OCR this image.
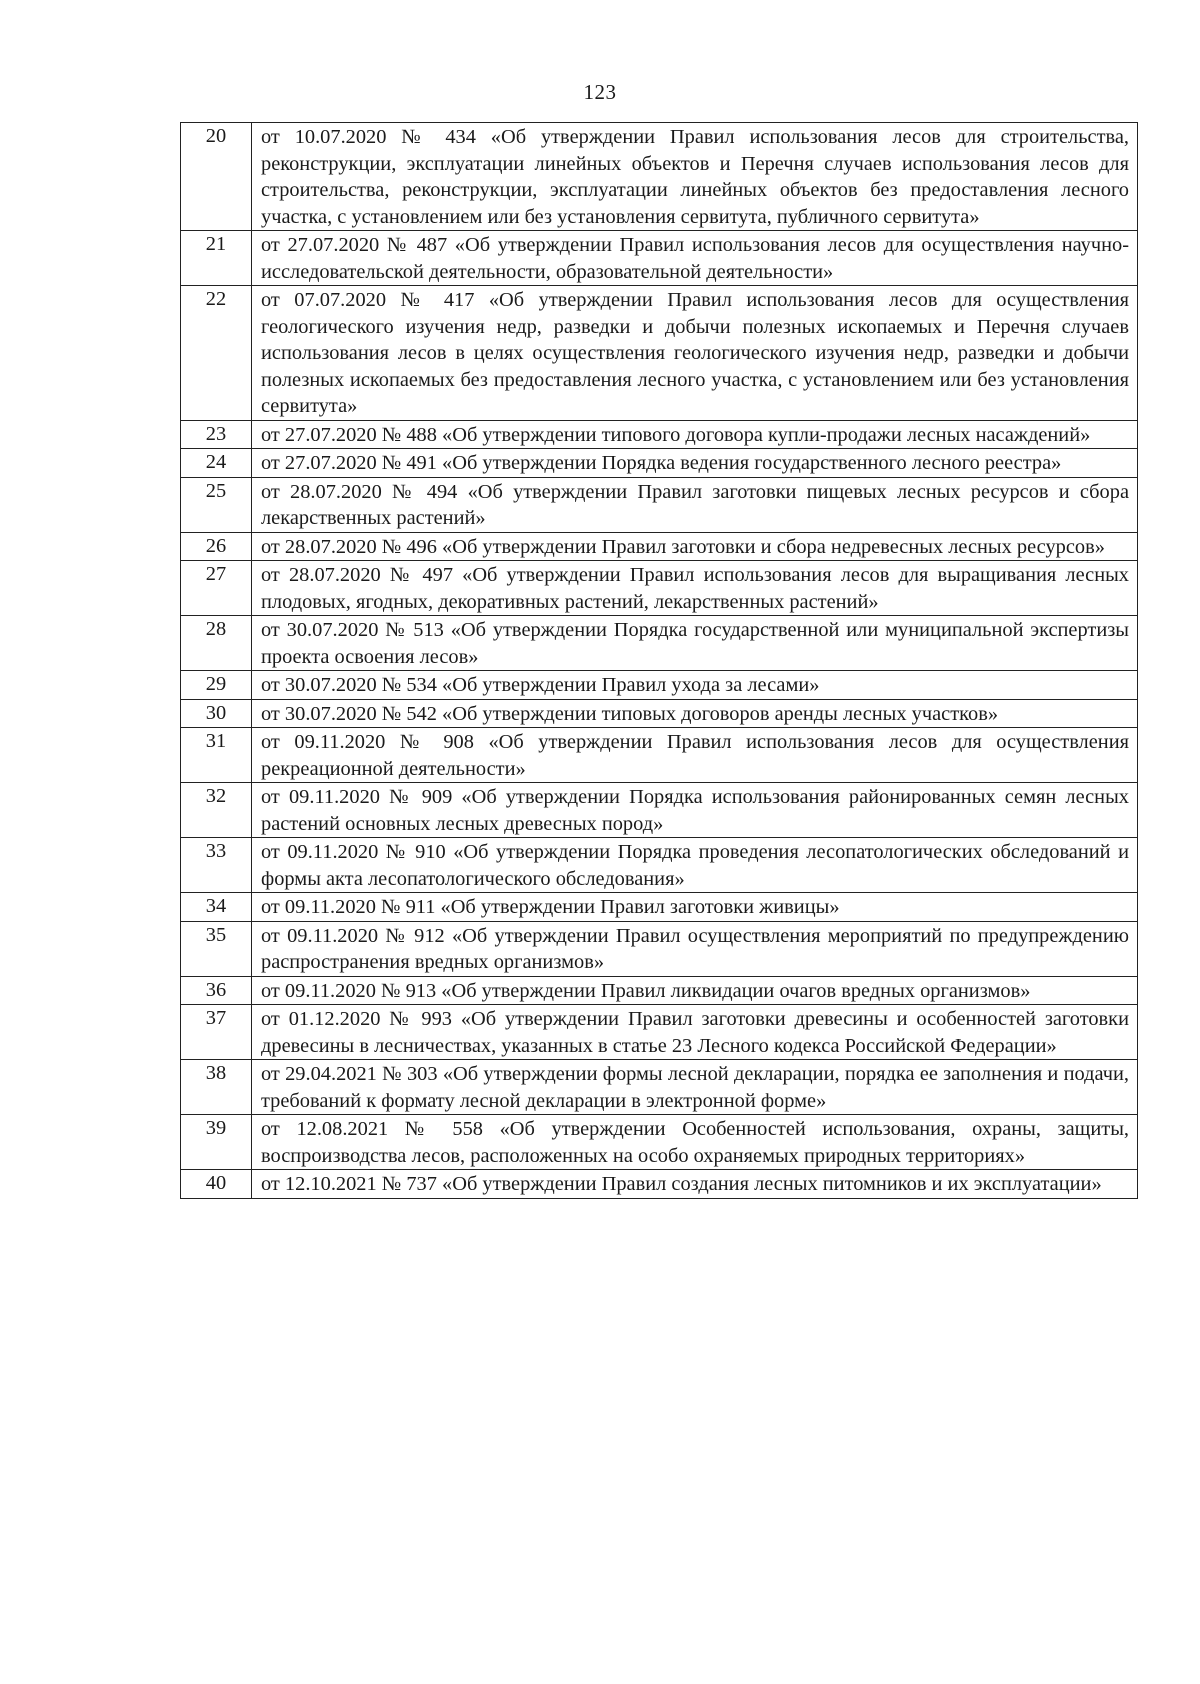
123
20	от 10.07.2020 № 434 «Об утверждении Правил использования лесов для строительства, реконструкции, эксплуатации линейных объектов и Перечня случаев использования лесов для строительства, реконструкции, эксплуатации линейных объектов без предоставления лесного участка, с установлением или без установления сервитута, публичного сервитута»
21	от 27.07.2020 № 487 «Об утверждении Правил использования лесов для осуществления научно-исследовательской деятельности, образовательной деятельности»
22	от 07.07.2020 № 417 «Об утверждении Правил использования лесов для осуществления геологического изучения недр, разведки и добычи полезных ископаемых и Перечня случаев использования лесов в целях осуществления геологического изучения недр, разведки и добычи полезных ископаемых без предоставления лесного участка, с установлением или без установления сервитута»
23	от 27.07.2020 № 488 «Об утверждении типового договора купли-продажи лесных насаждений»
24	от 27.07.2020 № 491 «Об утверждении Порядка ведения государственного лесного реестра»
25	от 28.07.2020 № 494 «Об утверждении Правил заготовки пищевых лесных ресурсов и сбора лекарственных растений»
26	от 28.07.2020 № 496 «Об утверждении Правил заготовки и сбора недревесных лесных ресурсов»
27	от 28.07.2020 № 497 «Об утверждении Правил использования лесов для выращивания лесных плодовых, ягодных, декоративных растений, лекарственных растений»
28	от 30.07.2020 № 513 «Об утверждении Порядка государственной или муниципальной экспертизы проекта освоения лесов»
29	от 30.07.2020 № 534 «Об утверждении Правил ухода за лесами»
30	от 30.07.2020 № 542 «Об утверждении типовых договоров аренды лесных участков»
31	от 09.11.2020 № 908 «Об утверждении Правил использования лесов для осуществления рекреационной деятельности»
32	от 09.11.2020 № 909 «Об утверждении Порядка использования районированных семян лесных растений основных лесных древесных пород»
33	от 09.11.2020 № 910 «Об утверждении Порядка проведения лесопатологических обследований и формы акта лесопатологического обследования»
34	от 09.11.2020 № 911 «Об утверждении Правил заготовки живицы»
35	от 09.11.2020 № 912 «Об утверждении Правил осуществления мероприятий по предупреждению распространения вредных организмов»
36	от 09.11.2020 № 913 «Об утверждении Правил ликвидации очагов вредных организмов»
37	от 01.12.2020 № 993 «Об утверждении Правил заготовки древесины и особенностей заготовки древесины в лесничествах, указанных в статье 23 Лесного кодекса Российской Федерации»
38	от 29.04.2021 № 303 «Об утверждении формы лесной декларации, порядка ее заполнения и подачи, требований к формату лесной декларации в электронной форме»
39	от 12.08.2021 № 558 «Об утверждении Особенностей использования, охраны, защиты, воспроизводства лесов, расположенных на особо охраняемых природных территориях»
40	от 12.10.2021 № 737 «Об утверждении Правил создания лесных питомников и их эксплуатации»
